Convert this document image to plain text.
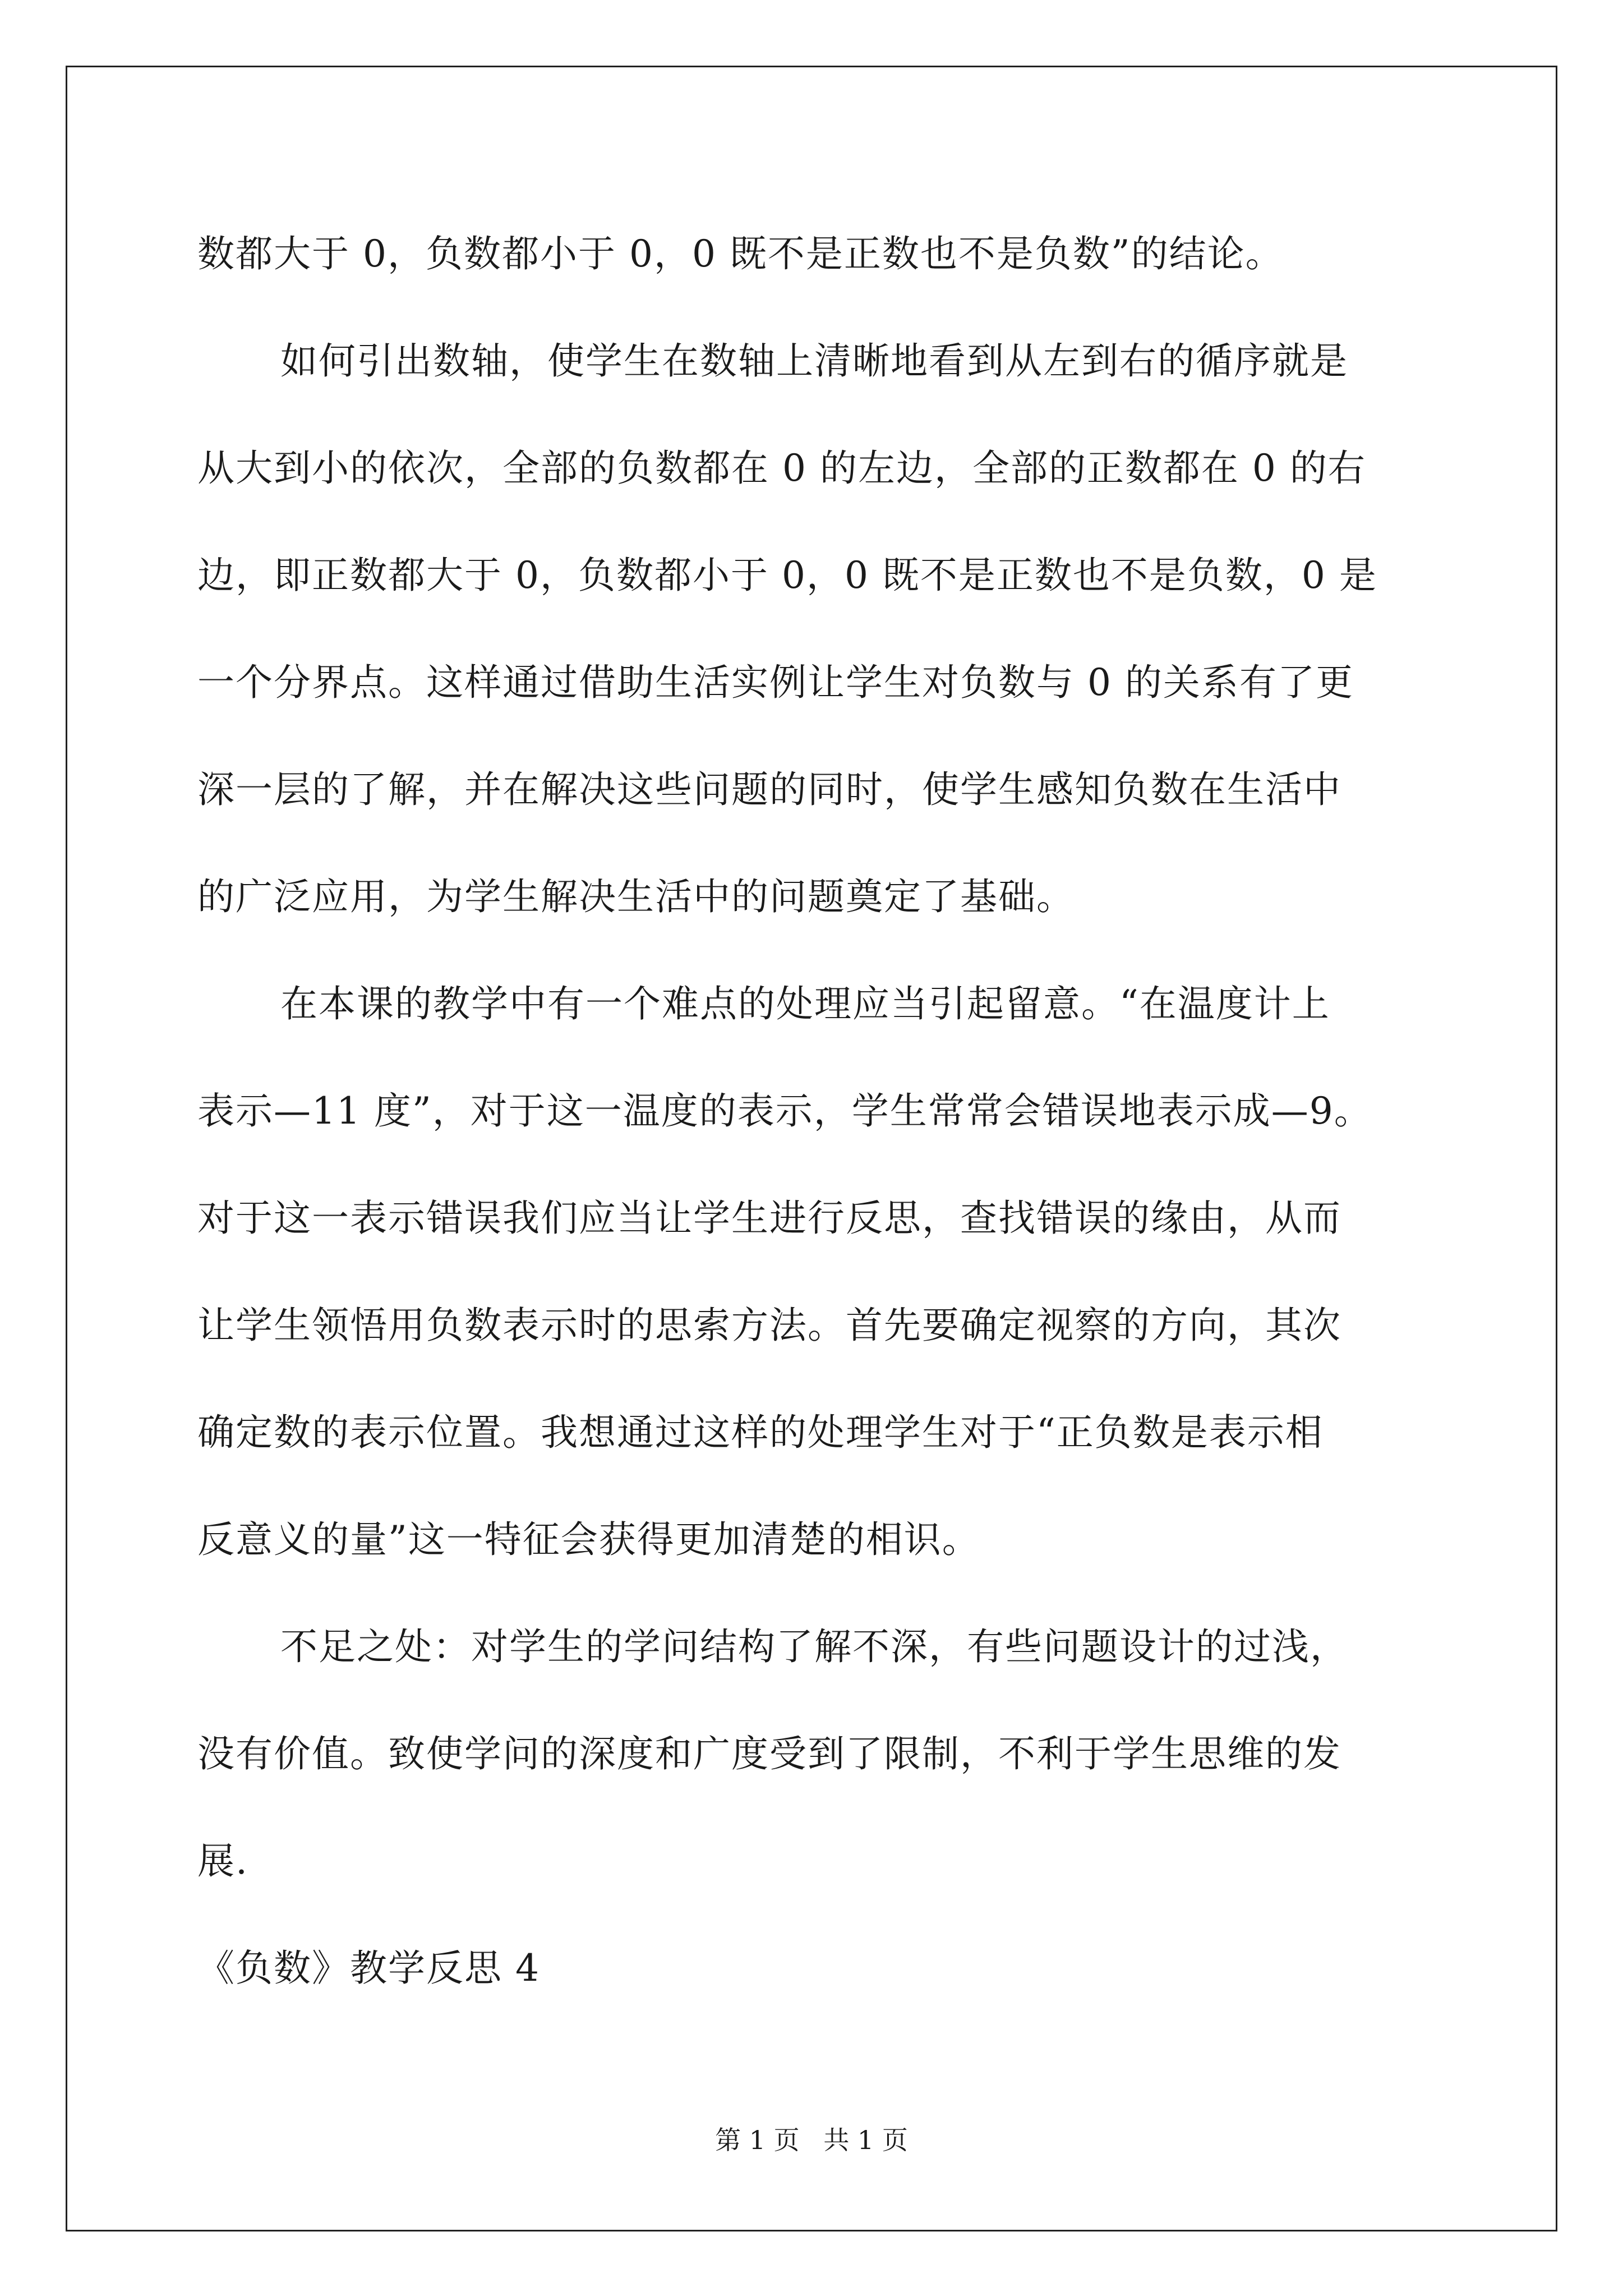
数都大于 0，负数都小于 0，0 既不是正数也不是负数”的结论。

如何引出数轴，使学生在数轴上清晰地看到从左到右的循序就是

从大到小的依次，全部的负数都在 0 的左边，全部的正数都在 0 的右

边，即正数都大于 0，负数都小于 0，0 既不是正数也不是负数，0 是

一个分界点。这样通过借助生活实例让学生对负数与 0 的关系有了更

深一层的了解，并在解决这些问题的同时，使学生感知负数在生活中

的广泛应用，为学生解决生活中的问题奠定了基础。

在本课的教学中有一个难点的处理应当引起留意。“在温度计上

表示—11 度”，对于这一温度的表示，学生常常会错误地表示成—9。

对于这一表示错误我们应当让学生进行反思，查找错误的缘由，从而

让学生领悟用负数表示时的思索方法。首先要确定视察的方向，其次

确定数的表示位置。我想通过这样的处理学生对于“正负数是表示相

反意义的量”这一特征会获得更加清楚的相识。

不足之处：对学生的学问结构了解不深，有些问题设计的过浅，

没有价值。致使学问的深度和广度受到了限制，不利于学生思维的发

展.

《负数》教学反思 4

第 1 页 共 1 页
